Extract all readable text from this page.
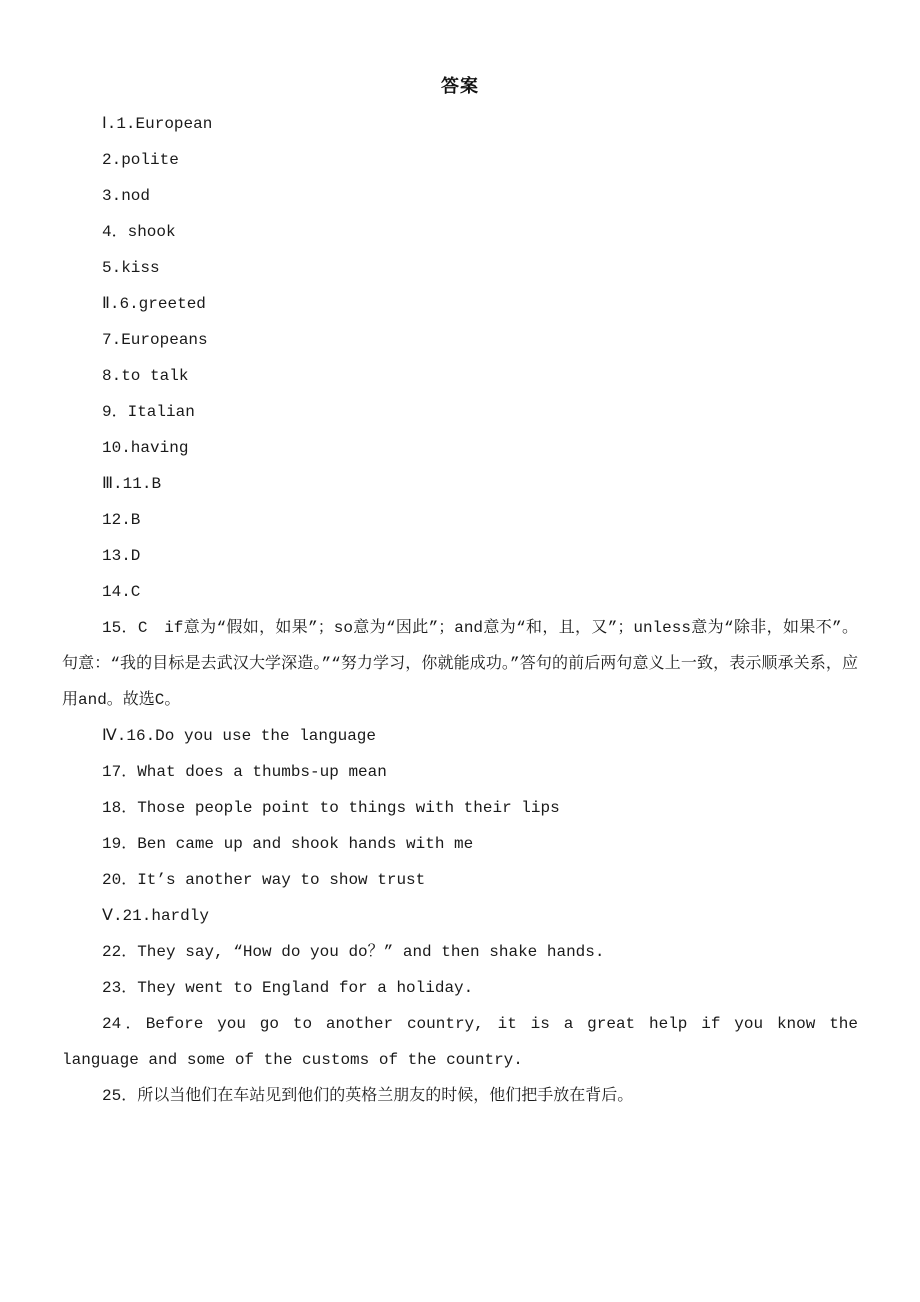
答案

Ⅰ.1.European

2.polite

3.nod

4．shook

5.kiss

Ⅱ.6.greeted

7.Europeans

8.to talk

9．Italian

10.having

Ⅲ.11.B

12.B

13.D

14.C

15．C　if意为“假如，如果”；so意为“因此”；and意为“和，且，又”；unless意为“除非，如果不”。句意：“我的目标是去武汉大学深造。”“努力学习，你就能成功。”答句的前后两句意义上一致，表示顺承关系，应用and。故选C。

Ⅳ.16.Do you use the language

17．What does a thumbs-up mean

18．Those people point to things with their lips

19．Ben came up and shook hands with me

20．It’s another way to show trust

Ⅴ.21.hardly

22．They say, “How do you do？” and then shake hands.

23．They went to England for a holiday.

24．Before you go to another country, it is a great help if you know the language and some of the customs of the country.

25．所以当他们在车站见到他们的英格兰朋友的时候，他们把手放在背后。
